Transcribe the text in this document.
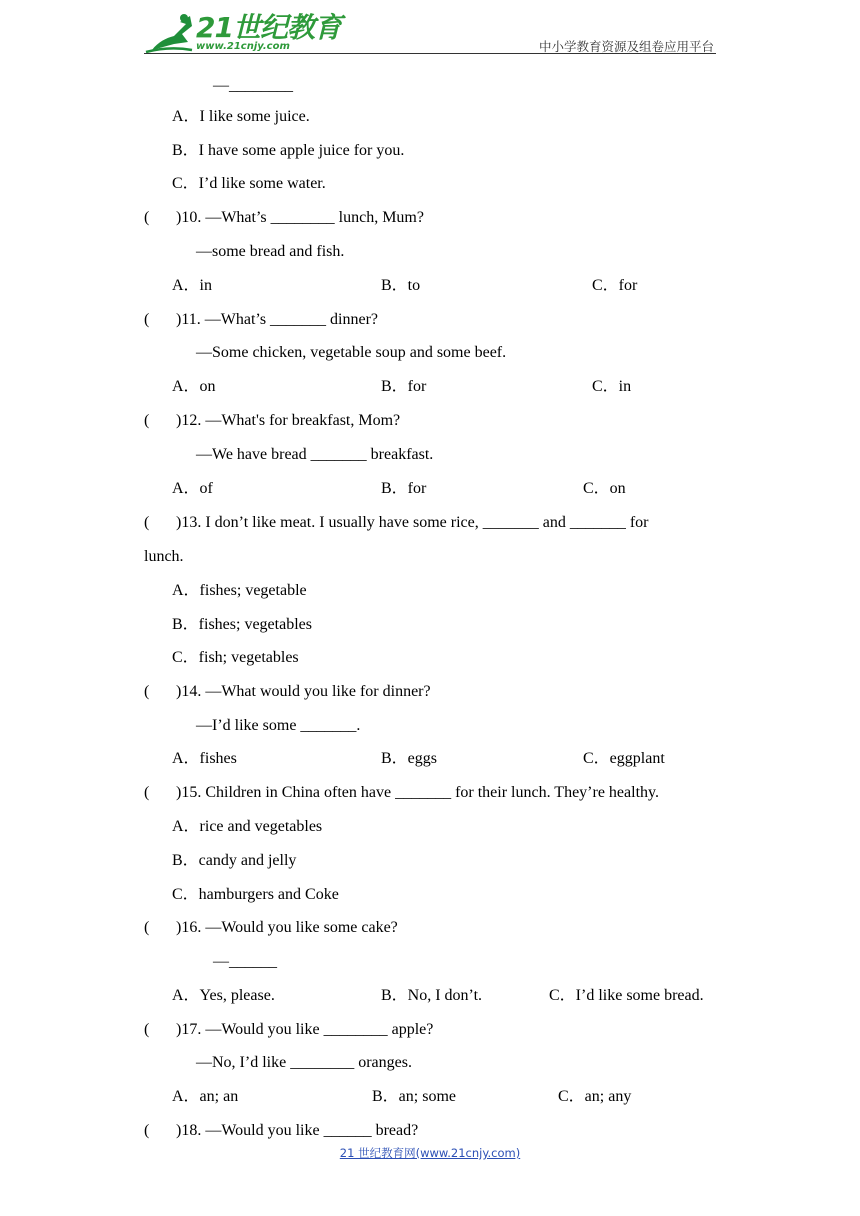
21世纪教育
www.21cnjy.com	中小学教育资源及组卷应用平台
—________
A．I like some juice.
B．I have some apple juice for you.
C．I’d like some water.
( )10. —What’s ________ lunch, Mum?
—some bread and fish.
A．in	B．to	C．for
( )11. —What’s _______ dinner?
—Some chicken, vegetable soup and some beef.
A．on	B．for	C．in
( )12. —What's for breakfast, Mom?
—We have bread _______ breakfast.
A．of	B．for	C．on
( )13. I don’t like meat. I usually have some rice, _______ and _______ for
lunch.
A．fishes; vegetable
B．fishes; vegetables
C．fish; vegetables
( )14. —What would you like for dinner?
—I’d like some _______.
A．fishes	B．eggs	C．eggplant
( )15. Children in China often have _______ for their lunch. They’re healthy.
A．rice and vegetables
B．candy and jelly
C．hamburgers and Coke
( )16. —Would you like some cake?
—______
A．Yes, please.	B．No, I don’t.	C．I’d like some bread.
( )17. —Would you like ________ apple?
—No, I’d like ________ oranges.
A．an; an	B．an; some	C．an; any
( )18. —Would you like ______ bread?
21 世纪教育网(www.21cnjy.com)
